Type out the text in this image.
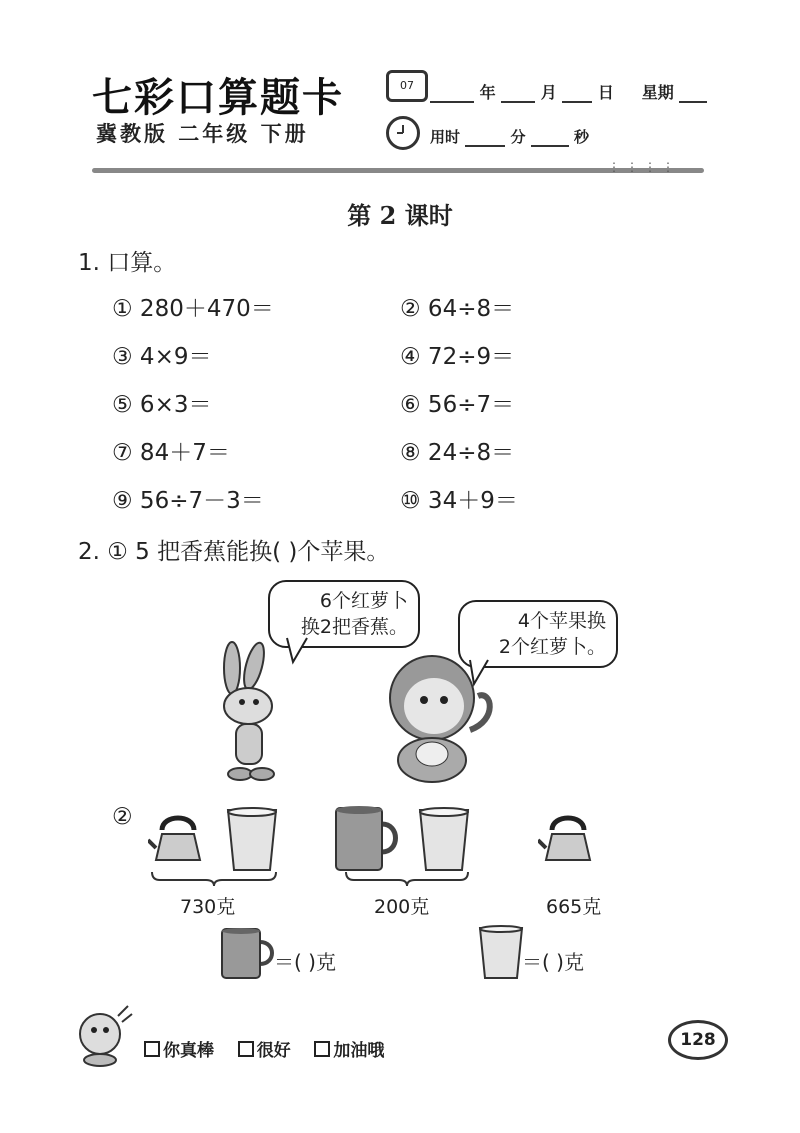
七彩口算题卡
冀教版 二年级 下册
07	年	月	日 星期
用时	分	秒
⋮⋮⋮⋮
第 2 课时
1. 口算。
① 280＋470＝	② 64÷8＝
③ 4×9＝	④ 72÷9＝
⑤ 6×3＝	⑥ 56÷7＝
⑦ 84＋7＝	⑧ 24÷8＝
⑨ 56÷7－3＝	⑩ 34＋9＝
2. ① 5 把香蕉能换( )个苹果。
6个红萝卜
换2把香蕉。	4个苹果换
2个红萝卜。
②
730克	200克	665克
＝( )克	＝( )克
你真棒	很好	加油哦
128
